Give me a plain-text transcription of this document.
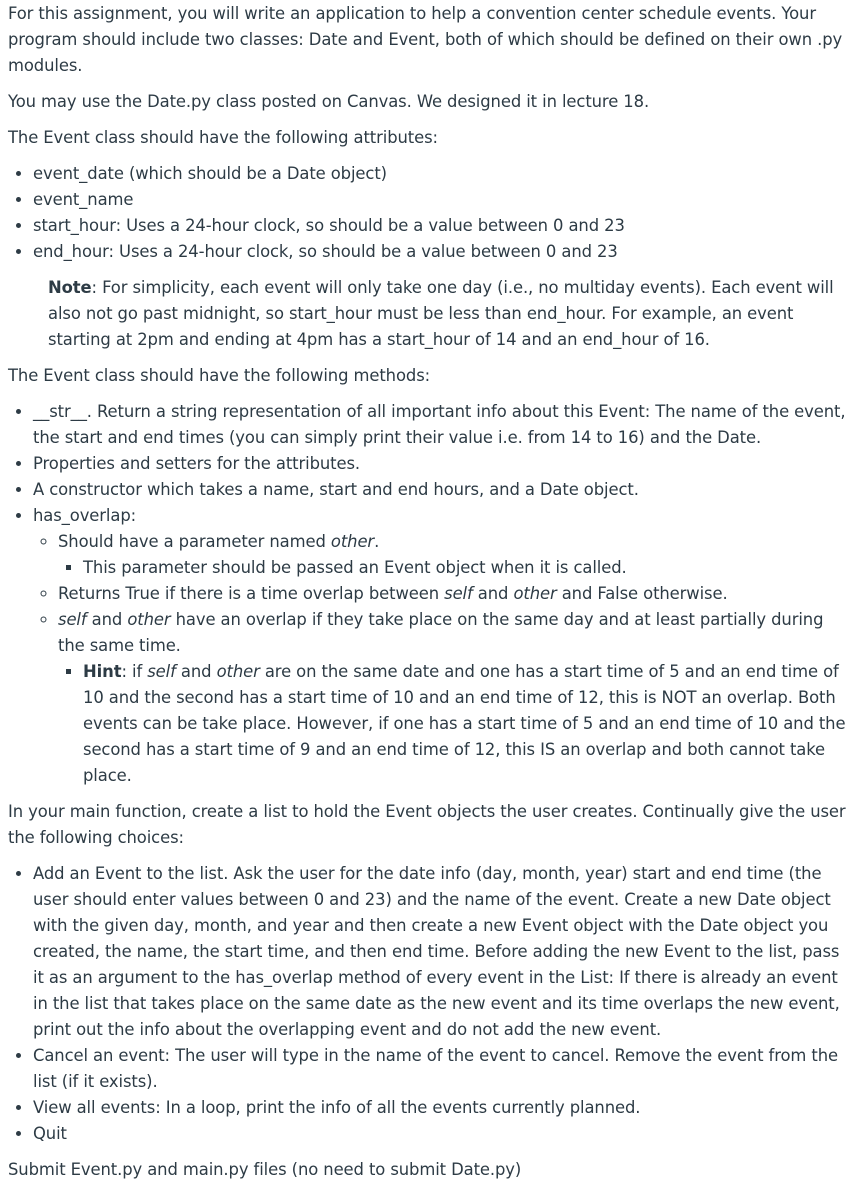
For this assignment, you will write an application to help a convention center schedule events. Your program should include two classes: Date and Event, both of which should be defined on their own .py modules.

You may use the Date.py class posted on Canvas. We designed it in lecture 18.

The Event class should have the following attributes:

• event_date (which should be a Date object)
• event_name
• start_hour: Uses a 24-hour clock, so should be a value between 0 and 23
• end_hour: Uses a 24-hour clock, so should be a value between 0 and 23

Note: For simplicity, each event will only take one day (i.e., no multiday events). Each event will also not go past midnight, so start_hour must be less than end_hour. For example, an event starting at 2pm and ending at 4pm has a start_hour of 14 and an end_hour of 16.

The Event class should have the following methods:

• __str__. Return a string representation of all important info about this Event: The name of the event, the start and end times (you can simply print their value i.e. from 14 to 16) and the Date.
• Properties and setters for the attributes.
• A constructor which takes a name, start and end hours, and a Date object.
• has_overlap:
◦ Should have a parameter named other.
▪ This parameter should be passed an Event object when it is called.
◦ Returns True if there is a time overlap between self and other and False otherwise.
◦ self and other have an overlap if they take place on the same day and at least partially during the same time.
▪ Hint: if self and other are on the same date and one has a start time of 5 and an end time of 10 and the second has a start time of 10 and an end time of 12, this is NOT an overlap. Both events can be take place. However, if one has a start time of 5 and an end time of 10 and the second has a start time of 9 and an end time of 12, this IS an overlap and both cannot take place.

In your main function, create a list to hold the Event objects the user creates. Continually give the user the following choices:

• Add an Event to the list. Ask the user for the date info (day, month, year) start and end time (the user should enter values between 0 and 23) and the name of the event. Create a new Date object with the given day, month, and year and then create a new Event object with the Date object you created, the name, the start time, and then end time. Before adding the new Event to the list, pass it as an argument to the has_overlap method of every event in the List: If there is already an event in the list that takes place on the same date as the new event and its time overlaps the new event, print out the info about the overlapping event and do not add the new event.
• Cancel an event: The user will type in the name of the event to cancel. Remove the event from the list (if it exists).
• View all events: In a loop, print the info of all the events currently planned.
• Quit

Submit Event.py and main.py files (no need to submit Date.py)
